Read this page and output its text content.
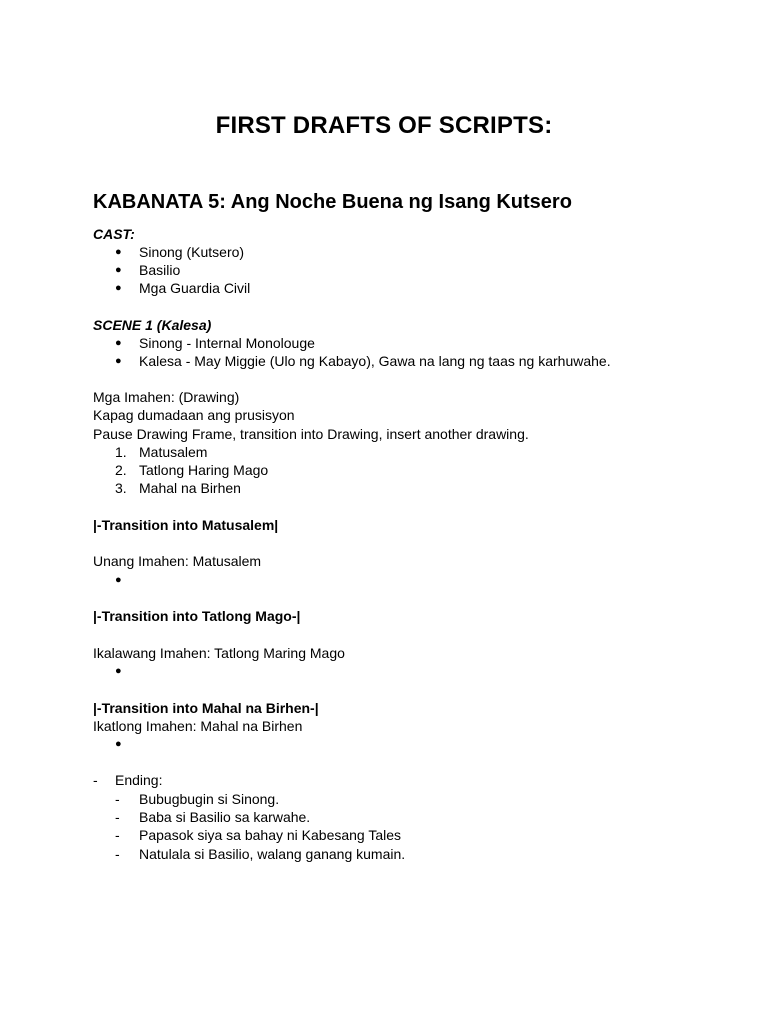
FIRST DRAFTS OF SCRIPTS:
KABANATA 5: Ang Noche Buena ng Isang Kutsero
CAST:
● Sinong (Kutsero)
● Basilio
● Mga Guardia Civil
SCENE 1 (Kalesa)
● Sinong - Internal Monolouge
● Kalesa - May Miggie (Ulo ng Kabayo), Gawa na lang ng taas ng karhuwahe.
Mga Imahen: (Drawing)
Kapag dumadaan ang prusisyon
Pause Drawing Frame, transition into Drawing, insert another drawing.
1. Matusalem
2. Tatlong Haring Mago
3. Mahal na Birhen
|-Transition into Matusalem|
Unang Imahen: Matusalem
●
|-Transition into Tatlong Mago-|
Ikalawang Imahen: Tatlong Maring Mago
●
|-Transition into Mahal na Birhen-|
Ikatlong Imahen: Mahal na Birhen
●
- Ending:
- Bubugbugin si Sinong.
- Baba si Basilio sa karwahe.
- Papasok siya sa bahay ni Kabesang Tales
- Natulala si Basilio, walang ganang kumain.
